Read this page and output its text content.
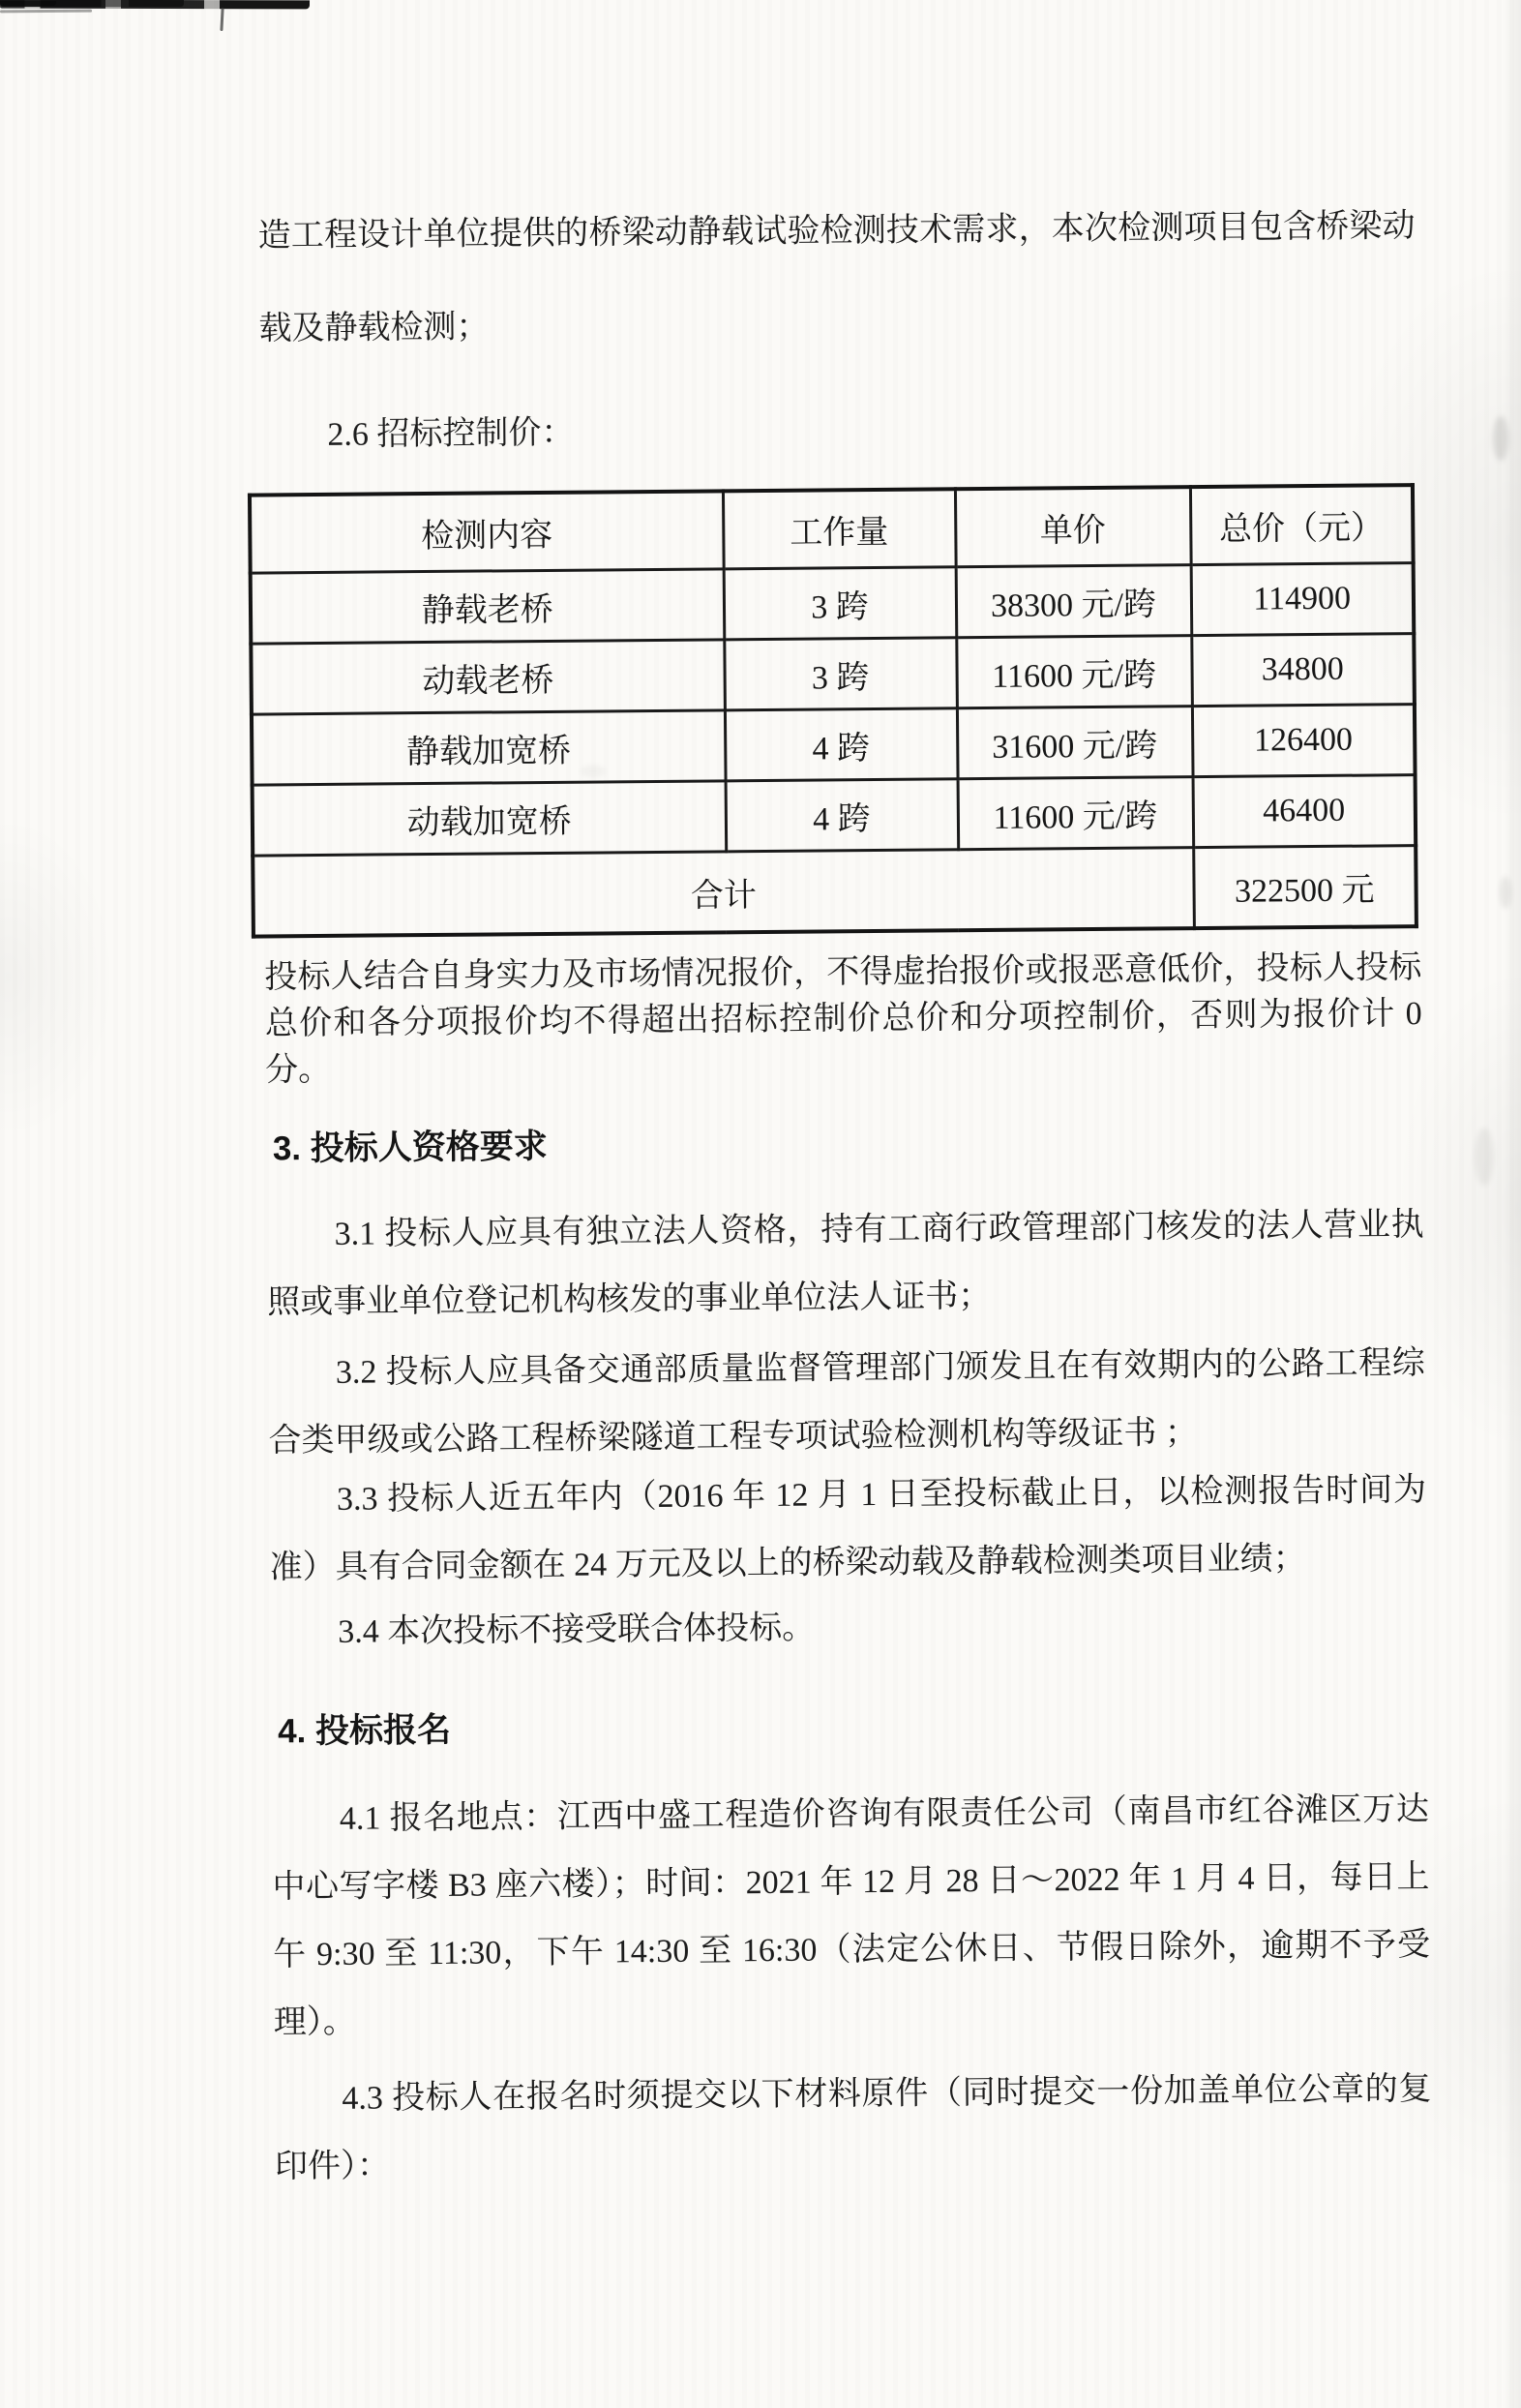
造工程设计单位提供的桥梁动静载试验检测技术需求，本次检测项目包含桥梁动
载及静载检测；
2.6 招标控制价：
检测内容	工作量	单价	总价（元）
静载老桥	3 跨	38300 元/跨	114900
动载老桥	3 跨	11600 元/跨	34800
静载加宽桥	4 跨	31600 元/跨	126400
动载加宽桥	4 跨	11600 元/跨	46400
合计			322500 元
投标人结合自身实力及市场情况报价，不得虚抬报价或报恶意低价，投标人投标
总价和各分项报价均不得超出招标控制价总价和分项控制价，否则为报价计 0
分。
3. 投标人资格要求
3.1 投标人应具有独立法人资格，持有工商行政管理部门核发的法人营业执
照或事业单位登记机构核发的事业单位法人证书；
3.2 投标人应具备交通部质量监督管理部门颁发且在有效期内的公路工程综
合类甲级或公路工程桥梁隧道工程专项试验检测机构等级证书 ；
3.3 投标人近五年内（2016 年 12 月 1 日至投标截止日，以检测报告时间为
准）具有合同金额在 24 万元及以上的桥梁动载及静载检测类项目业绩；
3.4 本次投标不接受联合体投标。
4. 投标报名
4.1 报名地点：江西中盛工程造价咨询有限责任公司（南昌市红谷滩区万达
中心写字楼 B3 座六楼）；时间：2021 年 12 月 28 日～2022 年 1 月 4 日，每日上
午 9:30 至 11:30，下午 14:30 至 16:30（法定公休日、节假日除外，逾期不予受
理）。
4.3 投标人在报名时须提交以下材料原件（同时提交一份加盖单位公章的复
印件）：
